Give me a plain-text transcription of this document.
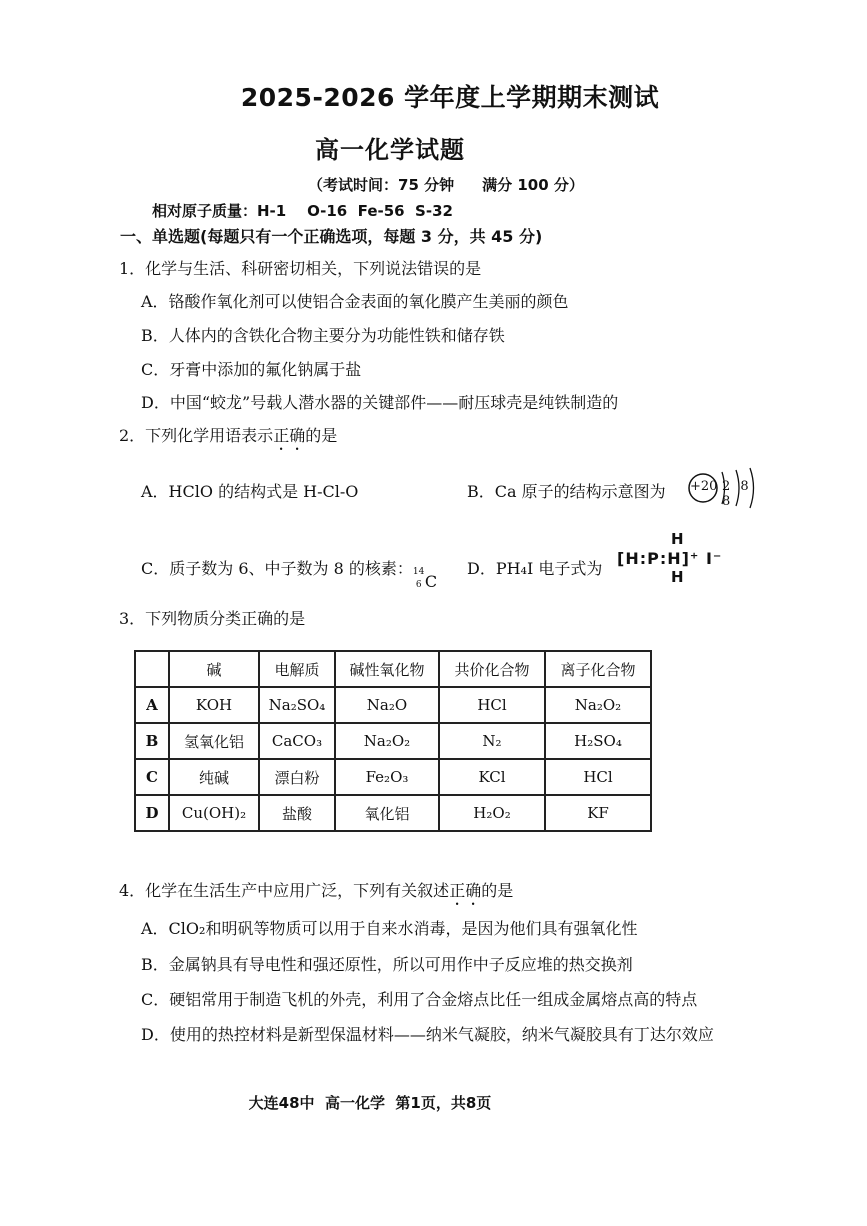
2025-2026 学年度上学期期末测试
高一化学试题
（考试时间：75 分钟 满分 100 分）
相对原子质量：H-1    O-16  Fe-56  S-32
一、单选题(每题只有一个正确选项，每题 3 分，共 45 分)
1．化学与生活、科研密切相关，下列说法错误的是
A．铬酸作氧化剂可以使铝合金表面的氧化膜产生美丽的颜色
B．人体内的含铁化合物主要分为功能性铁和储存铁
C．牙膏中添加的氟化钠属于盐
D．中国“蛟龙”号载人潜水器的关键部件——耐压球壳是纯铁制造的
2．下列化学用语表示正确的是
A．HClO 的结构式是 H-Cl-O	B．Ca 原子的结构示意图为 +20 2 8 8
C．质子数为 6、中子数为 8 的核素： 14
6 C
D．PH₄I 电子式为
H
H
[H:P:H]⁺ I⁻
3．下列物质分类正确的是
	碱	电解质	碱性氧化物	共价化合物	离子化合物
A	KOH	Na₂SO₄	Na₂O	HCl	Na₂O₂
B	氢氧化铝	CaCO₃	Na₂O₂	N₂	H₂SO₄
C	纯碱	漂白粉	Fe₂O₃	KCl	HCl
D	Cu(OH)₂	盐酸	氧化铝	H₂O₂	KF
4．化学在生活生产中应用广泛，下列有关叙述正确的是
A．ClO₂和明矾等物质可以用于自来水消毒，是因为他们具有强氧化性
B．金属钠具有导电性和强还原性，所以可用作中子反应堆的热交换剂
C．硬铝常用于制造飞机的外壳，利用了合金熔点比任一组成金属熔点高的特点
D．使用的热控材料是新型保温材料——纳米气凝胶，纳米气凝胶具有丁达尔效应
大连48中  高一化学  第1页，共8页
